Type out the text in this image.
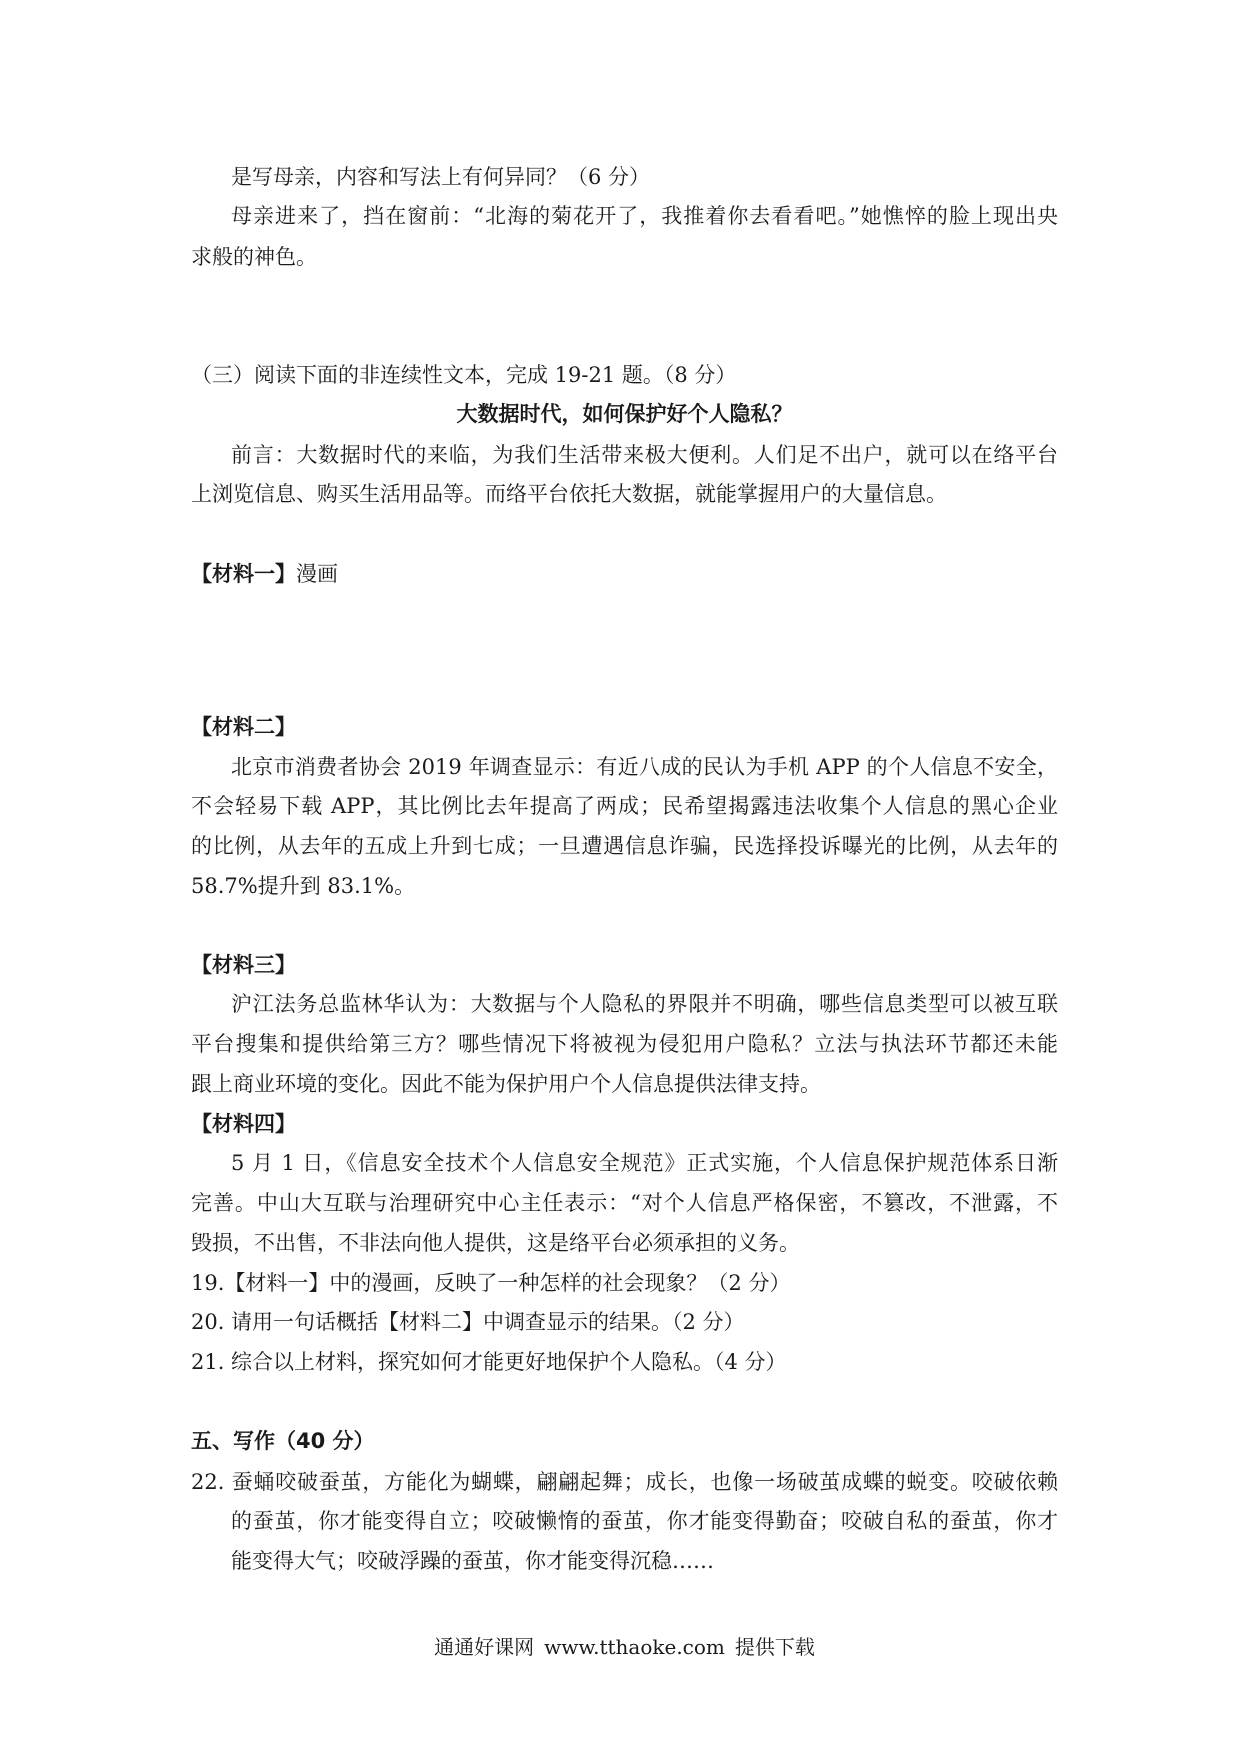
是写母亲，内容和写法上有何异同？（6 分）
母亲进来了，挡在窗前：“北海的菊花开了，我推着你去看看吧。”她憔悴的脸上现出央
求般的神色。
（三）阅读下面的非连续性文本，完成 19-21 题。（8 分）
大数据时代，如何保护好个人隐私？
前言：大数据时代的来临，为我们生活带来极大便利。人们足不出户，就可以在络平台
上浏览信息、购买生活用品等。而络平台依托大数据，就能掌握用户的大量信息。
【材料一】漫画
【材料二】
北京市消费者协会 2019 年调查显示：有近八成的民认为手机 APP 的个人信息不安全，
不会轻易下载 APP，其比例比去年提高了两成；民希望揭露违法收集个人信息的黑心企业
的比例，从去年的五成上升到七成；一旦遭遇信息诈骗，民选择投诉曝光的比例，从去年的
58.7%提升到 83.1%。
【材料三】
沪江法务总监林华认为：大数据与个人隐私的界限并不明确，哪些信息类型可以被互联
平台搜集和提供给第三方？哪些情况下将被视为侵犯用户隐私？立法与执法环节都还未能
跟上商业环境的变化。因此不能为保护用户个人信息提供法律支持。
【材料四】
5 月 1 日，《信息安全技术个人信息安全规范》正式实施，个人信息保护规范体系日渐
完善。中山大互联与治理研究中心主任表示：“对个人信息严格保密，不篡改，不泄露，不
毁损，不出售，不非法向他人提供，这是络平台必须承担的义务。
19.【材料一】中的漫画，反映了一种怎样的社会现象？（2 分）
20. 请用一句话概括【材料二】中调查显示的结果。（2 分）
21. 综合以上材料，探究如何才能更好地保护个人隐私。（4 分）
五、写作（40 分）
22. 蚕蛹咬破蚕茧，方能化为蝴蝶，翩翩起舞；成长，也像一场破茧成蝶的蜕变。咬破依赖
的蚕茧，你才能变得自立；咬破懒惰的蚕茧，你才能变得勤奋；咬破自私的蚕茧，你才
能变得大气；咬破浮躁的蚕茧，你才能变得沉稳……
通通好课网 www.tthaoke.com 提供下载
